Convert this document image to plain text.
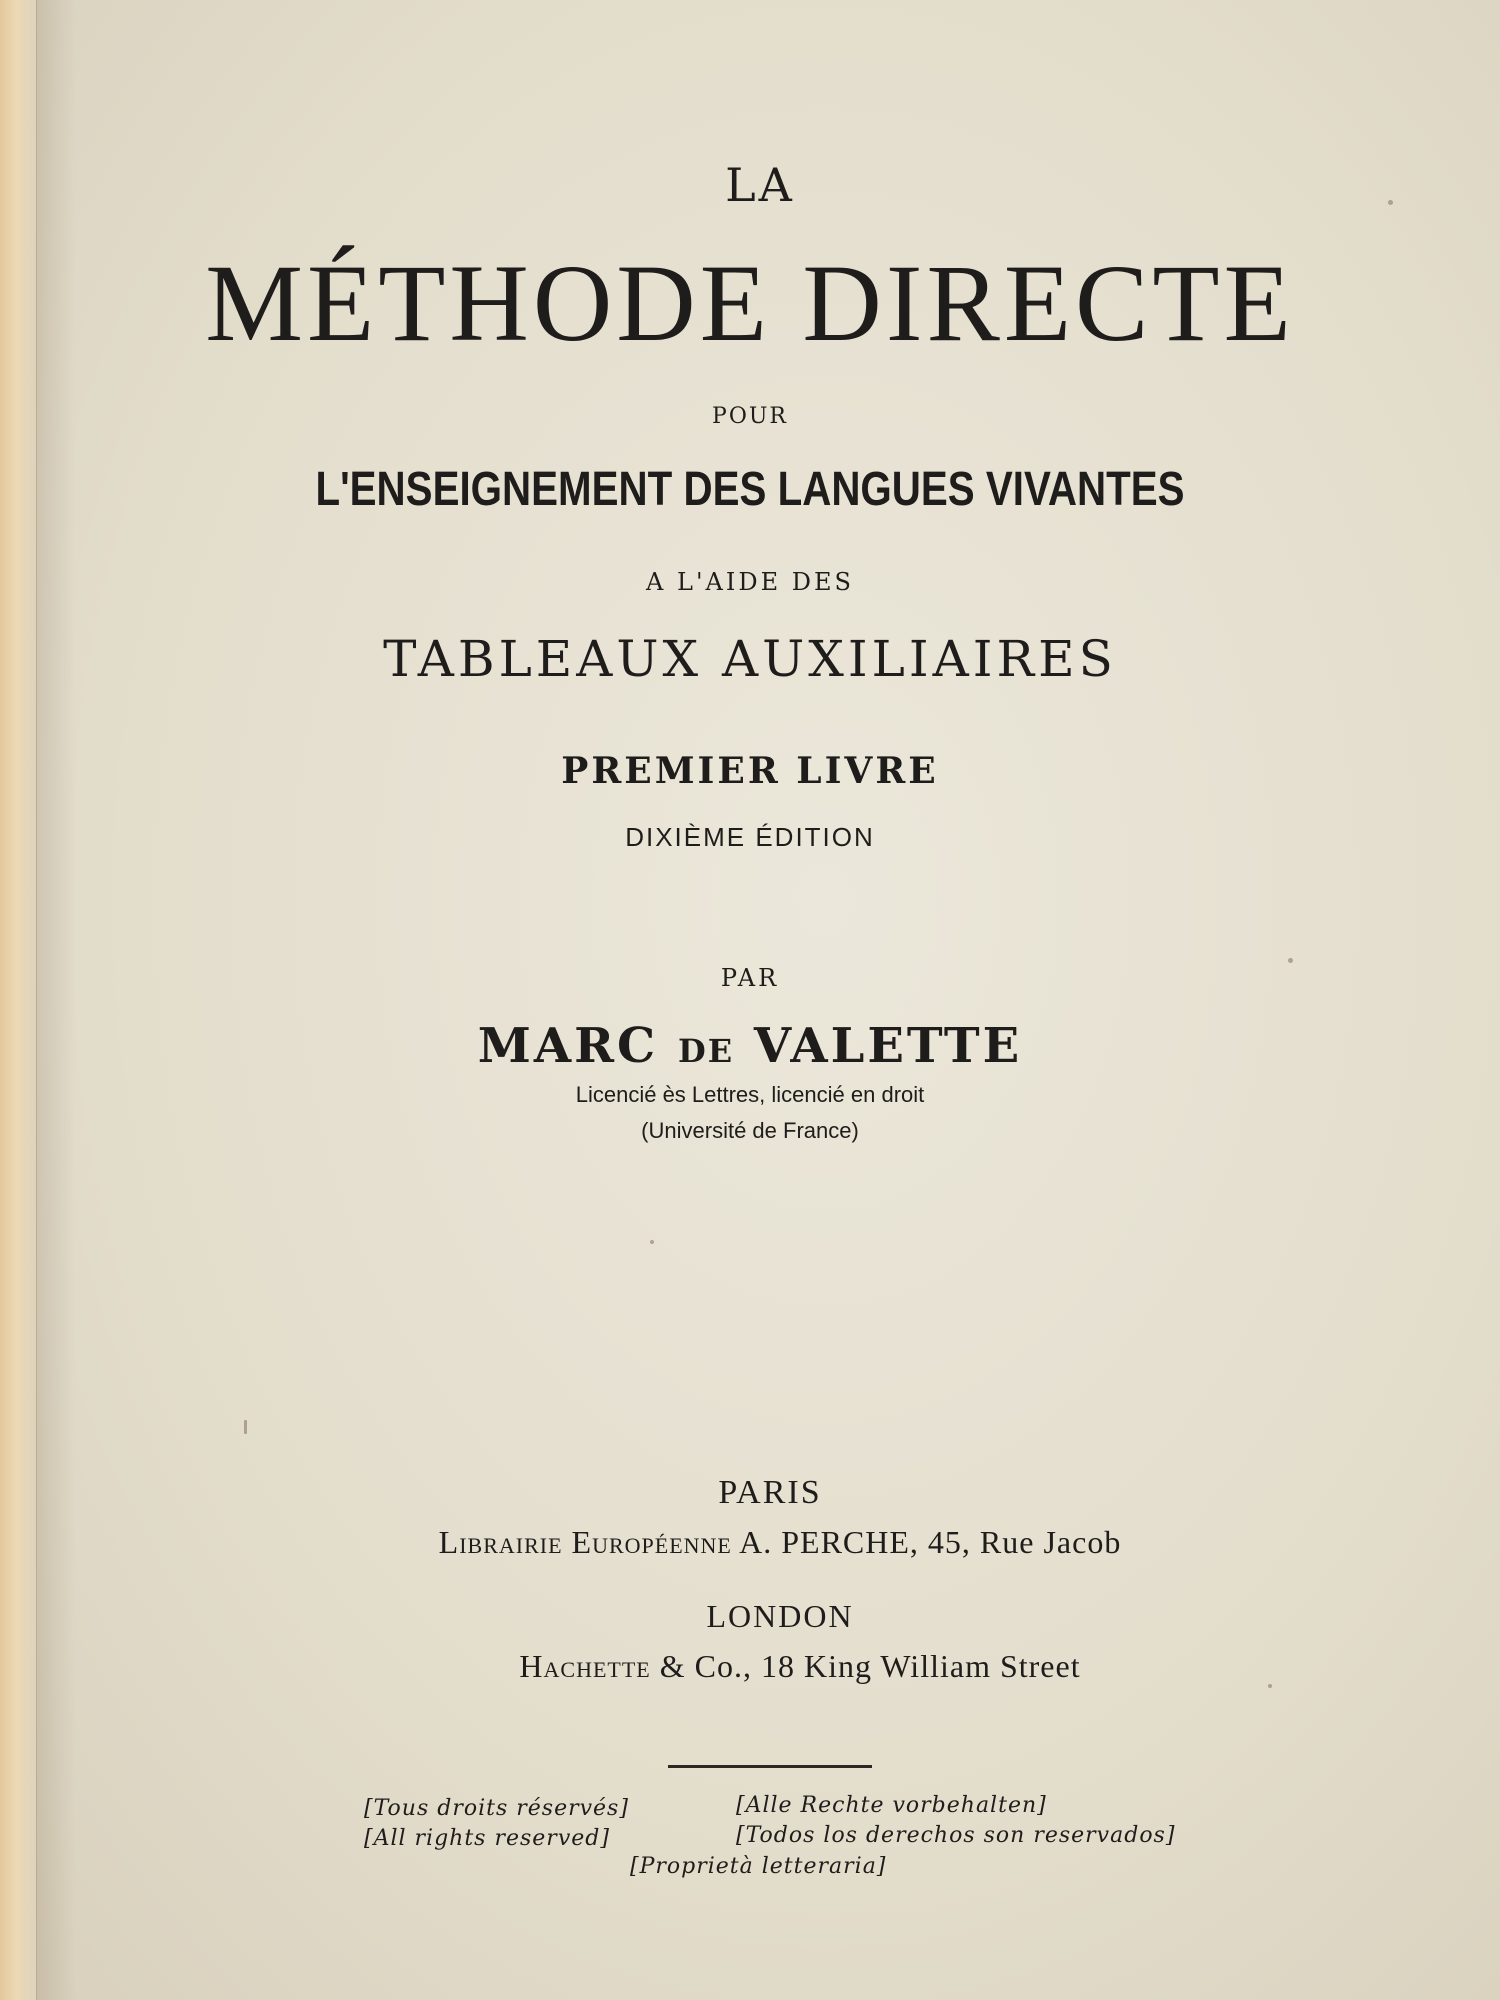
LA

MÉTHODE DIRECTE

POUR

L'ENSEIGNEMENT DES LANGUES VIVANTES

A L'AIDE DES

TABLEAUX AUXILIAIRES

PREMIER LIVRE

DIXIÈME ÉDITION

PAR

MARC DE VALETTE

Licencié ès Lettres, licencié en droit

(Université de France)

PARIS

Librairie Européenne A. PERCHE, 45, Rue Jacob

LONDON

Hachette & Co., 18 King William Street

[Tous droits réservés]
[All rights reserved]
[Alle Rechte vorbehalten]
[Todos los derechos son reservados]
[Proprietà letteraria]
